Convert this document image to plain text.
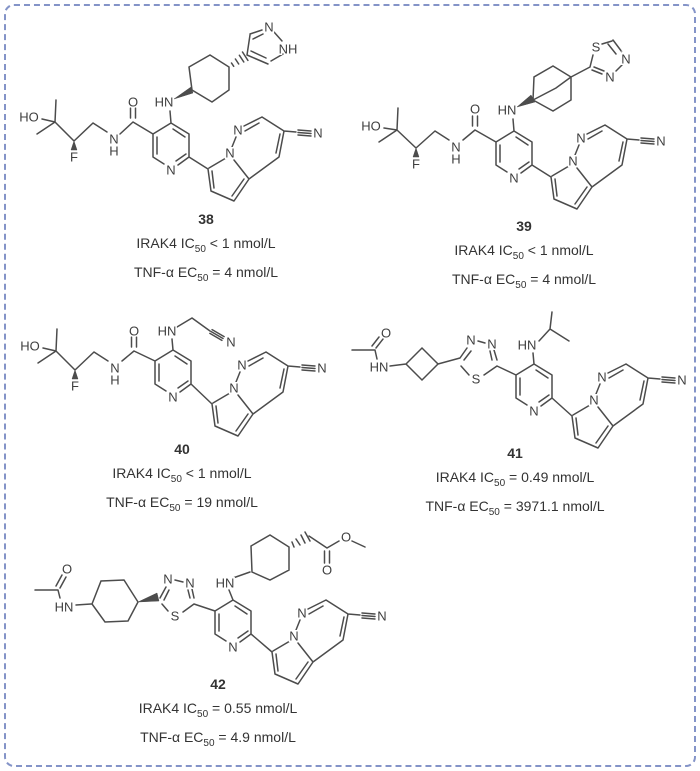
HO
F
N
H
O HN
N
N
NH
N
N	N	HO
F
N
H
O HN
N
S
N
N
N
N	N
HO
F
N
H
O HN
N
N
N
N	N
O
HN
N N
S
HN
N
N
N	N
O
HN
N N
S
HN
N
O
O
N
N	N
38
IRAK4 $IC_{50} < 1$ nmol/L
TNF-α $EC_{50} = 4$ nmol/L
39
IRAK4 $IC_{50} < 1$ nmol/L
TNF-α $EC_{50} = 4$ nmol/L
40
IRAK4 $IC_{50} < 1$ nmol/L
TNF-α $EC_{50} = 19$ nmol/L
41
IRAK4 $IC_{50} = 0.49$ nmol/L
TNF-α $EC_{50} = 3971.1$ nmol/L
42
IRAK4 $IC_{50} = 0.55$ nmol/L
TNF-α $EC_{50} = 4.9$ nmol/L
